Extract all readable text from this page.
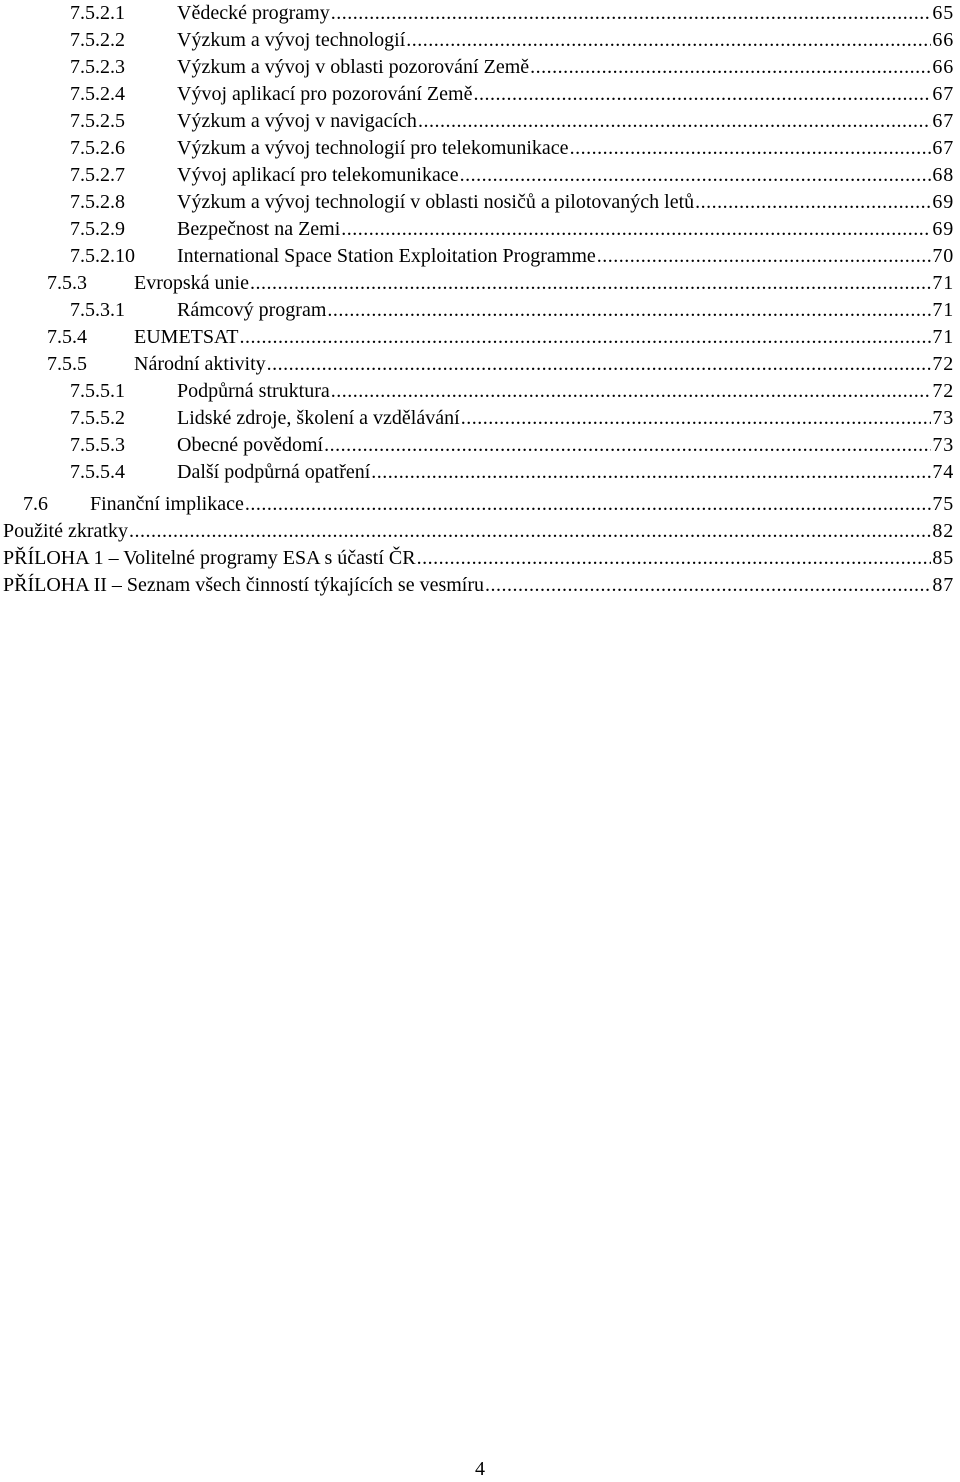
7.5.2.1	Vědecké programy .....	65
7.5.2.2	Výzkum a vývoj technologií .....	66
7.5.2.3	Výzkum a vývoj v oblasti pozorování Země .....	66
7.5.2.4	Vývoj aplikací pro pozorování Země .....	67
7.5.2.5	Výzkum a vývoj v navigacích .....	67
7.5.2.6	Výzkum a vývoj technologií pro telekomunikace .....	67
7.5.2.7	Vývoj aplikací pro telekomunikace .....	68
7.5.2.8	Výzkum a vývoj technologií v oblasti nosičů a pilotovaných letů .....	69
7.5.2.9	Bezpečnost na Zemi .....	69
7.5.2.10	International Space Station Exploitation Programme .....	70
7.5.3	Evropská unie .....	71
7.5.3.1	Rámcový program .....	71
7.5.4	EUMETSAT .....	71
7.5.5	Národní aktivity .....	72
7.5.5.1	Podpůrná struktura .....	72
7.5.5.2	Lidské zdroje, školení a vzdělávání .....	73
7.5.5.3	Obecné povědomí .....	73
7.5.5.4	Další podpůrná opatření .....	74
7.6	Finanční implikace .....	75
Použité zkratky .....	82
PŘÍLOHA 1 – Volitelné programy ESA s účastí ČR .....	85
PŘÍLOHA II – Seznam všech činností týkajících se vesmíru .....	87
4
